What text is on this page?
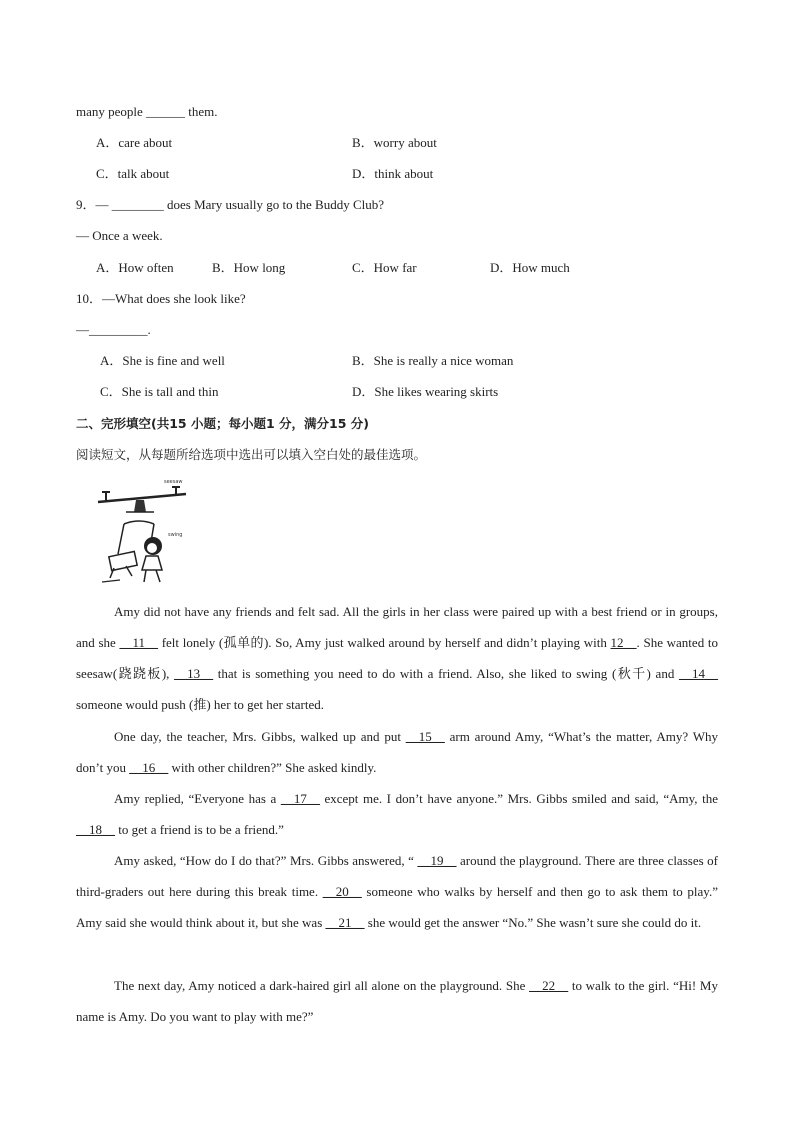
many people ______ them.
A．care about	B．worry about
C．talk about	D．think about
9．— ________ does Mary usually go to the Buddy Club?
— Once a week.
A．How often	B．How long	C．How far	D．How much
10．—What does she look like?
—_________.
A．She is fine and well	B．She is really a nice woman
C．She is tall and thin	D．She likes wearing skirts
二、完形填空(共15 小题；每小题1 分，满分15 分)
阅读短文，从每题所给选项中选出可以填入空白处的最佳选项。
seesaw
swing
Amy did not have any friends and felt sad. All the girls in her class were paired up with a best friend or in groups, and she __11__ felt lonely (孤单的). So, Amy just walked around by herself and didn’t playing with 12__. She wanted to seesaw(跷跷板), __13__ that is something you need to do with a friend. Also, she liked to swing (秋千) and __14__ someone would push (推) her to get her started.
One day, the teacher, Mrs. Gibbs, walked up and put __15__ arm around Amy, “What’s the matter, Amy? Why don’t you __16__ with other children?” She asked kindly.
Amy replied, “Everyone has a __17__ except me. I don’t have anyone.” Mrs. Gibbs smiled and said, “Amy, the __18__ to get a friend is to be a friend.”
Amy asked, “How do I do that?” Mrs. Gibbs answered, “ __19__ around the playground. There are three classes of third-graders out here during this break time. __20__ someone who walks by herself and then go to ask them to play.” Amy said she would think about it, but she was __21__ she would get the answer “No.” She wasn’t sure she could do it.
The next day, Amy noticed a dark-haired girl all alone on the playground. She __22__ to walk to the girl. “Hi! My name is Amy. Do you want to play with me?”
